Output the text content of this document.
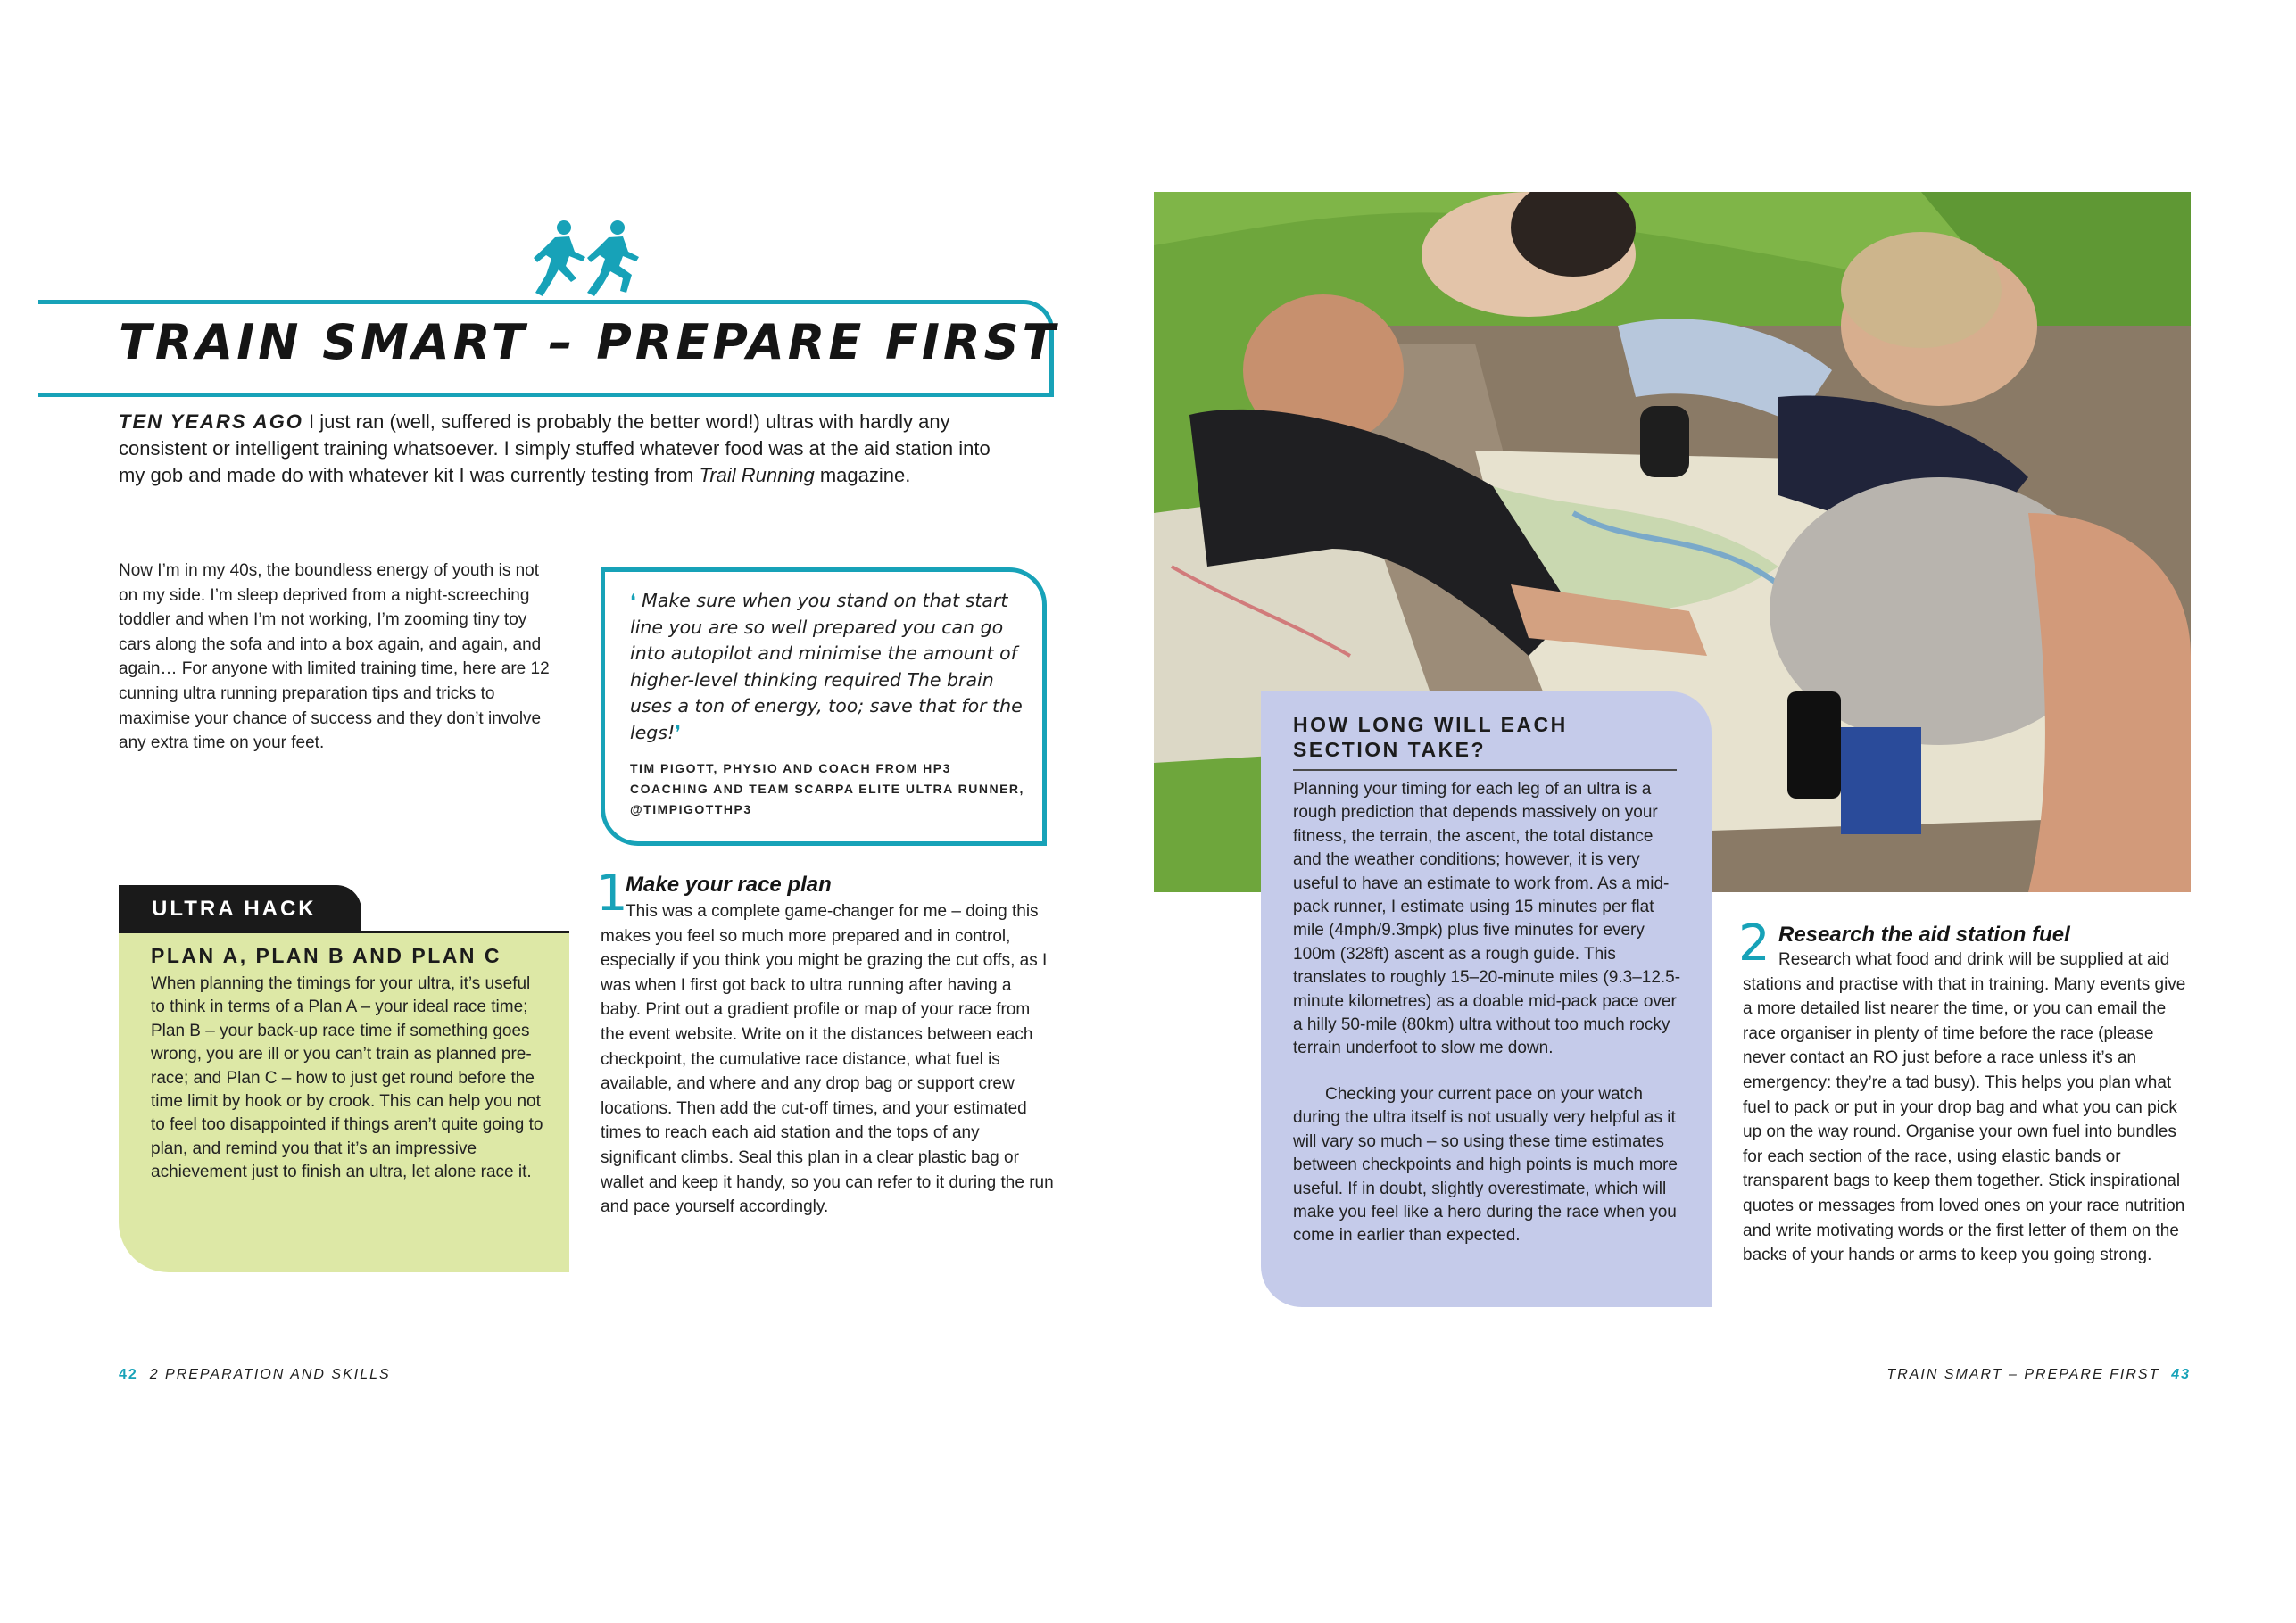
TRAIN SMART – PREPARE FIRST

TEN YEARS AGO I just ran (well, suffered is probably the better word!) ultras with hardly any consistent or intelligent training whatsoever. I simply stuffed whatever food was at the aid station into my gob and made do with whatever kit I was currently testing from Trail Running magazine.

Now I’m in my 40s, the boundless energy of youth is not on my side. I’m sleep deprived from a night-screeching toddler and when I’m not working, I’m zooming tiny toy cars along the sofa and into a box again, and again, and again… For anyone with limited training time, here are 12 cunning ultra running preparation tips and tricks to maximise your chance of success and they don’t involve any extra time on your feet.

❛ Make sure when you stand on that start line you are so well prepared you can go into autopilot and minimise the amount of higher-level thinking required The brain uses a ton of energy, too; save that for the legs!❜

TIM PIGOTT, PHYSIO AND COACH FROM HP3 COACHING AND TEAM SCARPA ELITE ULTRA RUNNER, @TIMPIGOTTHP3

ULTRA HACK

PLAN A, PLAN B AND PLAN C

When planning the timings for your ultra, it’s useful to think in terms of a Plan A – your ideal race time; Plan B – your back-up race time if something goes wrong, you are ill or you can’t train as planned pre-race; and Plan C – how to just get round before the time limit by hook or by crook. This can help you not to feel too disappointed if things aren’t quite going to plan, and remind you that it’s an impressive achievement just to finish an ultra, let alone race it.

1

Make your race plan

This was a complete game-changer for me – doing this makes you feel so much more prepared and in control, especially if you think you might be grazing the cut offs, as I was when I first got back to ultra running after having a baby. Print out a gradient profile or map of your race from the event website. Write on it the distances between each checkpoint, the cumulative race distance, what fuel is available, and where and any drop bag or support crew locations. Then add the cut-off times, and your estimated times to reach each aid station and the tops of any significant climbs. Seal this plan in a clear plastic bag or wallet and keep it handy, so you can refer to it during the run and pace yourself accordingly.

HOW LONG WILL EACH SECTION TAKE?

Planning your timing for each leg of an ultra is a rough prediction that depends massively on your fitness, the terrain, the ascent, the total distance and the weather conditions; however, it is very useful to have an estimate to work from. As a mid-pack runner, I estimate using 15 minutes per flat mile (4mph/9.3mpk) plus five minutes for every 100m (328ft) ascent as a rough guide. This translates to roughly 15–20-minute miles (9.3–12.5-minute kilometres) as a doable mid-pack pace over a hilly 50-mile (80km) ultra without too much rocky terrain underfoot to slow me down.

Checking your current pace on your watch during the ultra itself is not usually very helpful as it will vary so much – so using these time estimates between checkpoints and high points is much more useful. If in doubt, slightly overestimate, which will make you feel like a hero during the race when you come in earlier than expected.

2 Research the aid station fuel

Research what food and drink will be supplied at aid stations and practise with that in training. Many events give a more detailed list nearer the time, or you can email the race organiser in plenty of time before the race (please never contact an RO just before a race unless it’s an emergency: they’re a tad busy). This helps you plan what fuel to pack or put in your drop bag and what you can pick up on the way round. Organise your own fuel into bundles for each section of the race, using elastic bands or transparent bags to keep them together. Stick inspirational quotes or messages from loved ones on your race nutrition and write motivating words or the first letter of them on the backs of your hands or arms to keep you going strong.

42 2 PREPARATION AND SKILLS	TRAIN SMART – PREPARE FIRST 43
